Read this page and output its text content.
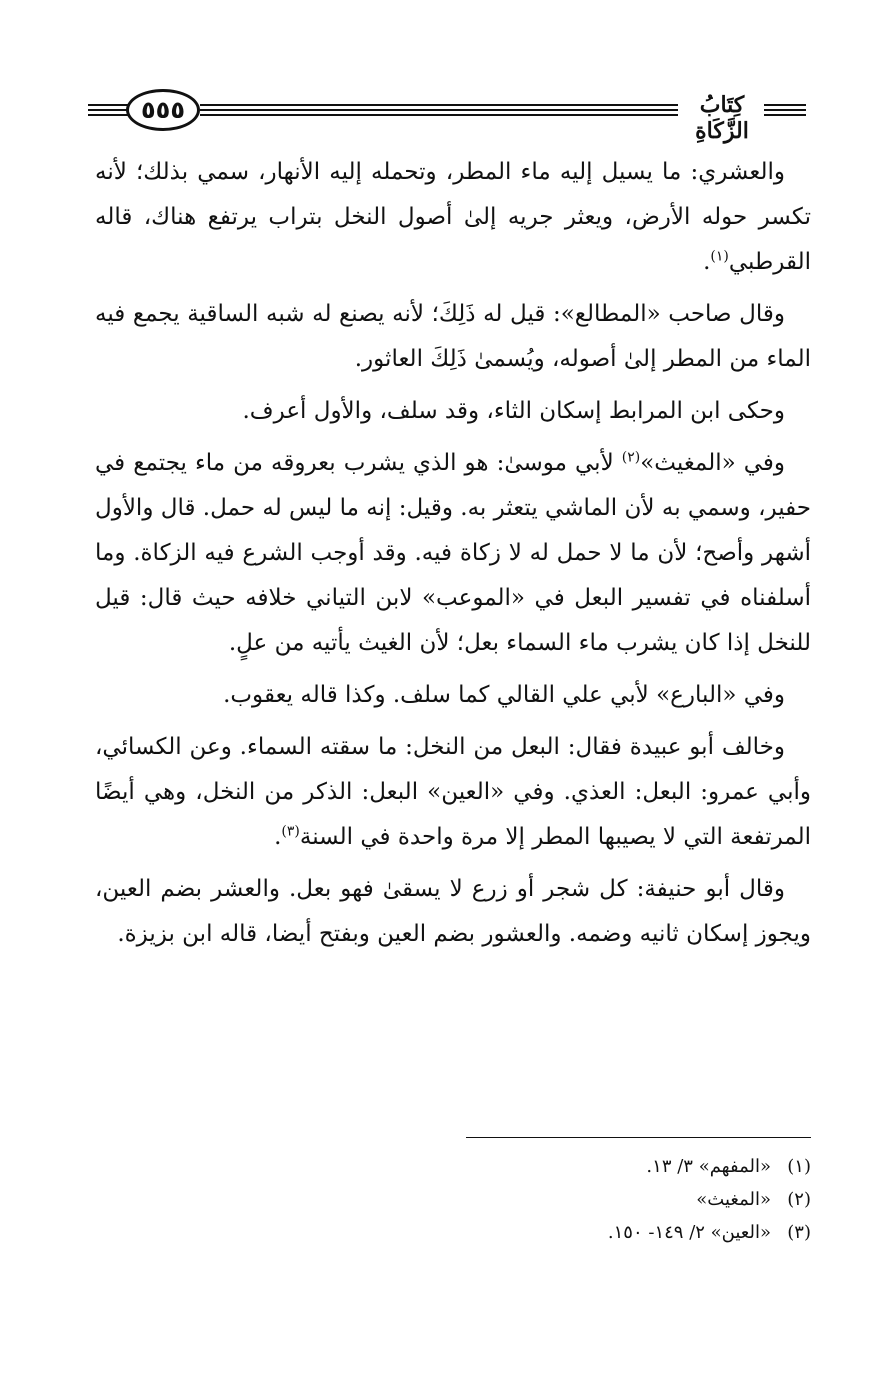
٥٥٥	كِتَابُ الزَّكَاةِ

والعشري: ما يسيل إليه ماء المطر، وتحمله إليه الأنهار، سمي بذلك؛ لأنه تكسر حوله الأرض، ويعثر جريه إلىٰ أصول النخل بتراب يرتفع هناك، قاله القرطبي$^{(١)}$.

وقال صاحب «المطالع»: قيل له ذَلِكَ؛ لأنه يصنع له شبه الساقية يجمع فيه الماء من المطر إلىٰ أصوله، ويُسمىٰ ذَلِكَ العاثور.

وحكى ابن المرابط إسكان الثاء، وقد سلف، والأول أعرف.

وفي «المغيث»$^{(٢)}$ لأبي موسىٰ: هو الذي يشرب بعروقه من ماء يجتمع في حفير، وسمي به لأن الماشي يتعثر به. وقيل: إنه ما ليس له حمل. قال والأول أشهر وأصح؛ لأن ما لا حمل له لا زكاة فيه. وقد أوجب الشرع فيه الزكاة. وما أسلفناه في تفسير البعل في «الموعب» لابن التياني خلافه حيث قال: قيل للنخل إذا كان يشرب ماء السماء بعل؛ لأن الغيث يأتيه من علٍ.

وفي «البارع» لأبي علي القالي كما سلف. وكذا قاله يعقوب.

وخالف أبو عبيدة فقال: البعل من النخل: ما سقته السماء. وعن الكسائي، وأبي عمرو: البعل: العذي. وفي «العين» البعل: الذكر من النخل، وهي أيضًا المرتفعة التي لا يصيبها المطر إلا مرة واحدة في السنة$^{(٣)}$.

وقال أبو حنيفة: كل شجر أو زرع لا يسقىٰ فهو بعل. والعشر بضم العين، ويجوز إسكان ثانيه وضمه. والعشور بضم العين وبفتح أيضا، قاله ابن بزيزة.

(١)
«المفهم» ٣/ ١٣.
(٢)
«المغيث»
(٣)
«العين» ٢/ ١٤٩- ١٥٠.
